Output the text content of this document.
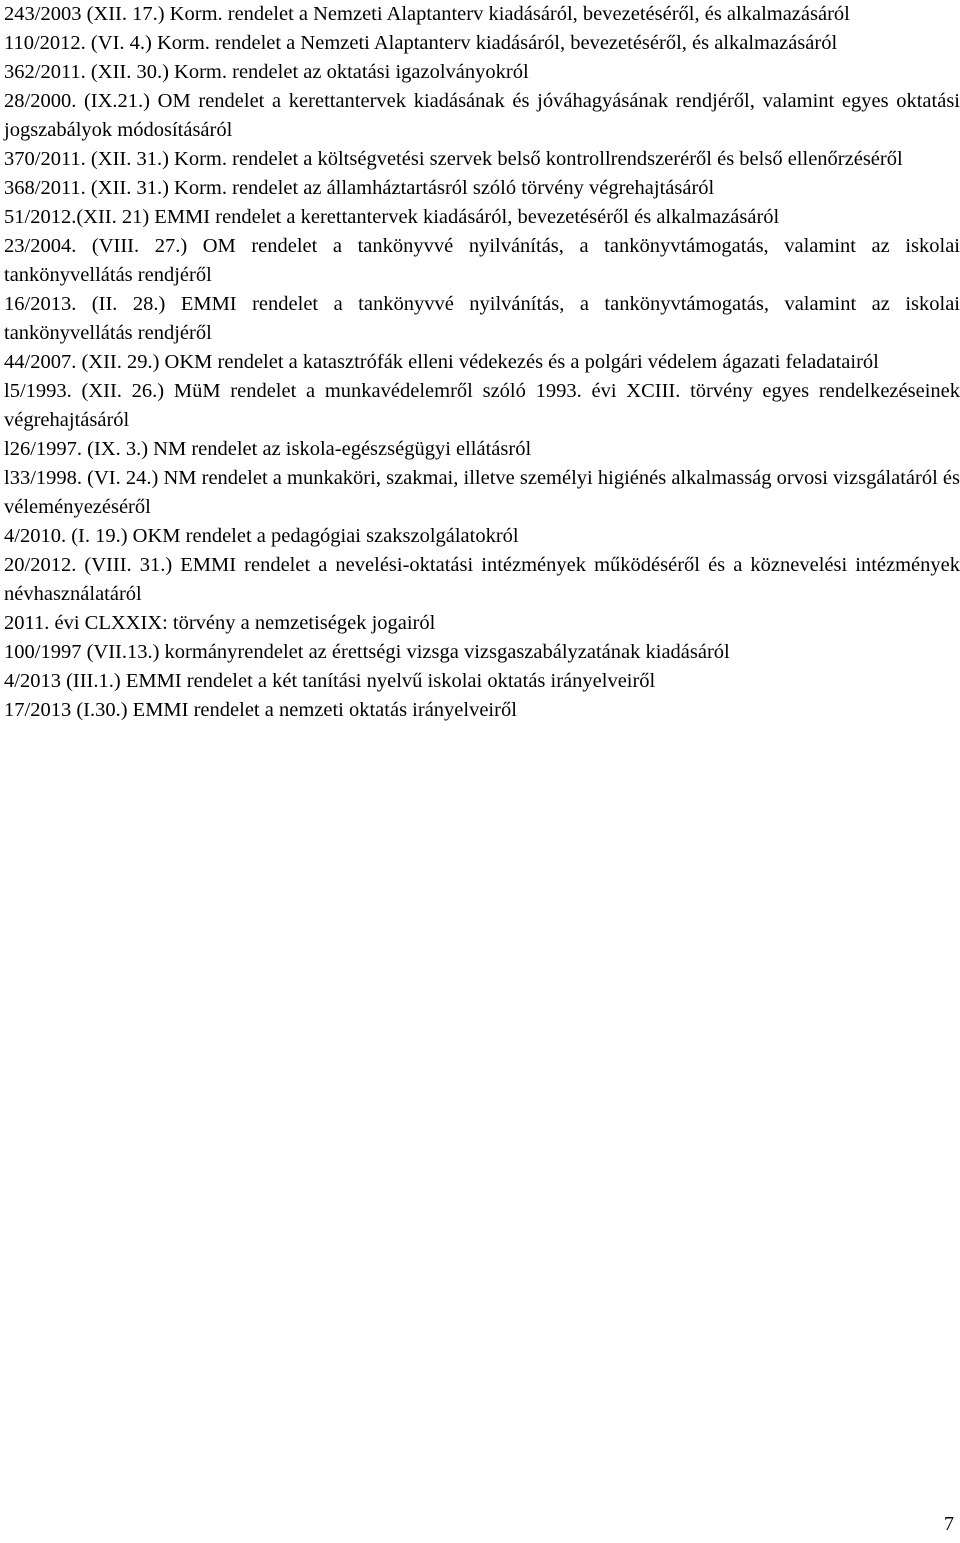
243/2003 (XII. 17.) Korm. rendelet a Nemzeti Alaptanterv kiadásáról, bevezetéséről, és alkalmazásáról

110/2012. (VI. 4.) Korm. rendelet a Nemzeti Alaptanterv kiadásáról, bevezetéséről, és alkalmazásáról

362/2011. (XII. 30.) Korm. rendelet az oktatási igazolványokról

28/2000. (IX.21.) OM rendelet a kerettantervek kiadásának és jóváhagyásának rendjéről, valamint egyes oktatási jogszabályok módosításáról

370/2011. (XII. 31.) Korm. rendelet a költségvetési szervek belső kontrollrendszeréről és belső ellenőrzéséről

368/2011. (XII. 31.) Korm. rendelet az államháztartásról szóló törvény végrehajtásáról

51/2012.(XII. 21) EMMI rendelet a kerettantervek kiadásáról, bevezetéséről és alkalmazásáról

23/2004. (VIII. 27.) OM rendelet a tankönyvvé nyilvánítás, a tankönyvtámogatás, valamint az iskolai tankönyvellátás rendjéről

16/2013. (II. 28.) EMMI rendelet a tankönyvvé nyilvánítás, a tankönyvtámogatás, valamint az iskolai tankönyvellátás rendjéről

44/2007. (XII. 29.) OKM rendelet a katasztrófák elleni védekezés és a polgári védelem ágazati feladatairól

l5/1993. (XII. 26.) MüM rendelet a munkavédelemről szóló 1993. évi XCIII. törvény egyes rendelkezéseinek végrehajtásáról

l26/1997. (IX. 3.) NM rendelet az iskola-egészségügyi ellátásról

l33/1998. (VI. 24.) NM rendelet a munkaköri, szakmai, illetve személyi higiénés alkalmasság orvosi vizsgálatáról és véleményezéséről

4/2010. (I. 19.) OKM rendelet a pedagógiai szakszolgálatokról

20/2012. (VIII. 31.) EMMI rendelet a nevelési-oktatási intézmények működéséről és a köznevelési intézmények névhasználatáról

2011. évi CLXXIX: törvény a nemzetiségek jogairól

100/1997 (VII.13.) kormányrendelet az érettségi vizsga vizsgaszabályzatának kiadásáról

4/2013 (III.1.) EMMI rendelet a két tanítási nyelvű iskolai oktatás irányelveiről

17/2013 (I.30.) EMMI rendelet a nemzeti oktatás irányelveiről

7
